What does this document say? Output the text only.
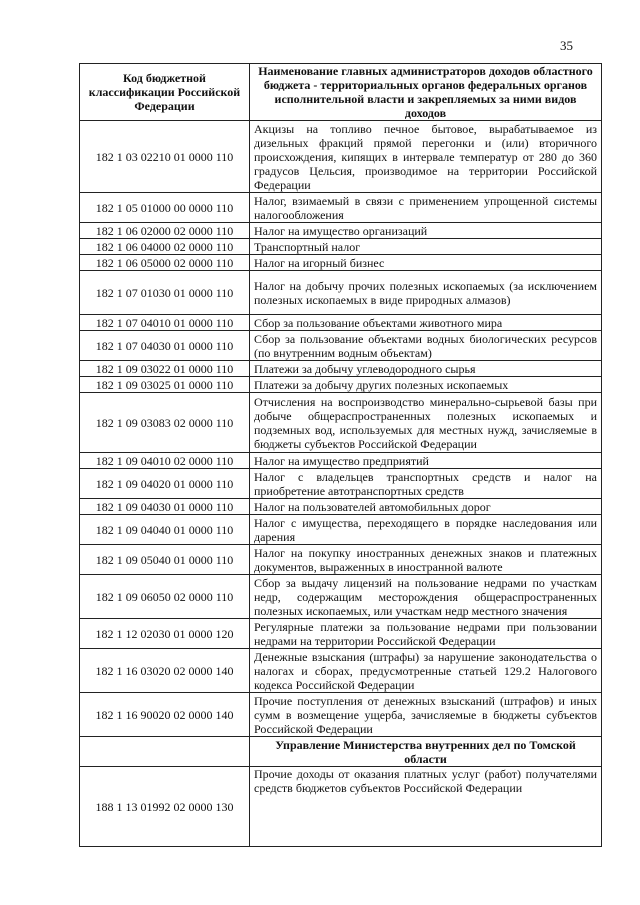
35
Код бюджетной классификации Российской Федерации	Наименование главных администраторов доходов областного бюджета - территориальных органов федеральных органов исполнительной власти и закрепляемых за ними видов доходов
182 1 03 02210 01 0000 110	Акцизы на топливо печное бытовое, вырабатываемое из дизельных фракций прямой перегонки и (или) вторичного происхождения, кипящих в интервале температур от 280 до 360 градусов Цельсия, производимое на территории Российской Федерации
182 1 05 01000 00 0000 110	Налог, взимаемый в связи с применением упрощенной системы налогообложения
182 1 06 02000 02 0000 110	Налог на имущество организаций
182 1 06 04000 02 0000 110	Транспортный налог
182 1 06 05000 02 0000 110	Налог на игорный бизнес
182 1 07 01030 01 0000 110	Налог на добычу прочих полезных ископаемых (за исключением полезных ископаемых в виде природных алмазов)
182 1 07 04010 01 0000 110	Сбор за пользование объектами животного мира
182 1 07 04030 01 0000 110	Сбор за пользование объектами водных биологических ресурсов (по внутренним водным объектам)
182 1 09 03022 01 0000 110	Платежи за добычу углеводородного сырья
182 1 09 03025 01 0000 110	Платежи за добычу других полезных ископаемых
182 1 09 03083 02 0000 110	Отчисления на воспроизводство минерально-сырьевой базы при добыче общераспространенных полезных ископаемых и подземных вод, используемых для местных нужд, зачисляемые в бюджеты субъектов Российской Федерации
182 1 09 04010 02 0000 110	Налог на имущество предприятий
182 1 09 04020 01 0000 110	Налог с владельцев транспортных средств и налог на приобретение автотранспортных средств
182 1 09 04030 01 0000 110	Налог на пользователей автомобильных дорог
182 1 09 04040 01 0000 110	Налог с имущества, переходящего в порядке наследования или дарения
182 1 09 05040 01 0000 110	Налог на покупку иностранных денежных знаков и платежных документов, выраженных в иностранной валюте
182 1 09 06050 02 0000 110	Сбор за выдачу лицензий на пользование недрами по участкам недр, содержащим месторождения общераспространенных полезных ископаемых, или участкам недр местного значения
182 1 12 02030 01 0000 120	Регулярные платежи за пользование недрами при пользовании недрами на территории Российской Федерации
182 1 16 03020 02 0000 140	Денежные взыскания (штрафы) за нарушение законодательства о налогах и сборах, предусмотренные статьей 129.2 Налогового кодекса Российской Федерации
182 1 16 90020 02 0000 140	Прочие поступления от денежных взысканий (штрафов) и иных сумм в возмещение ущерба, зачисляемые в бюджеты субъектов Российской Федерации
	Управление Министерства внутренних дел по Томской области
188 1 13 01992 02 0000 130	Прочие доходы от оказания платных услуг (работ) получателями средств бюджетов субъектов Российской Федерации
